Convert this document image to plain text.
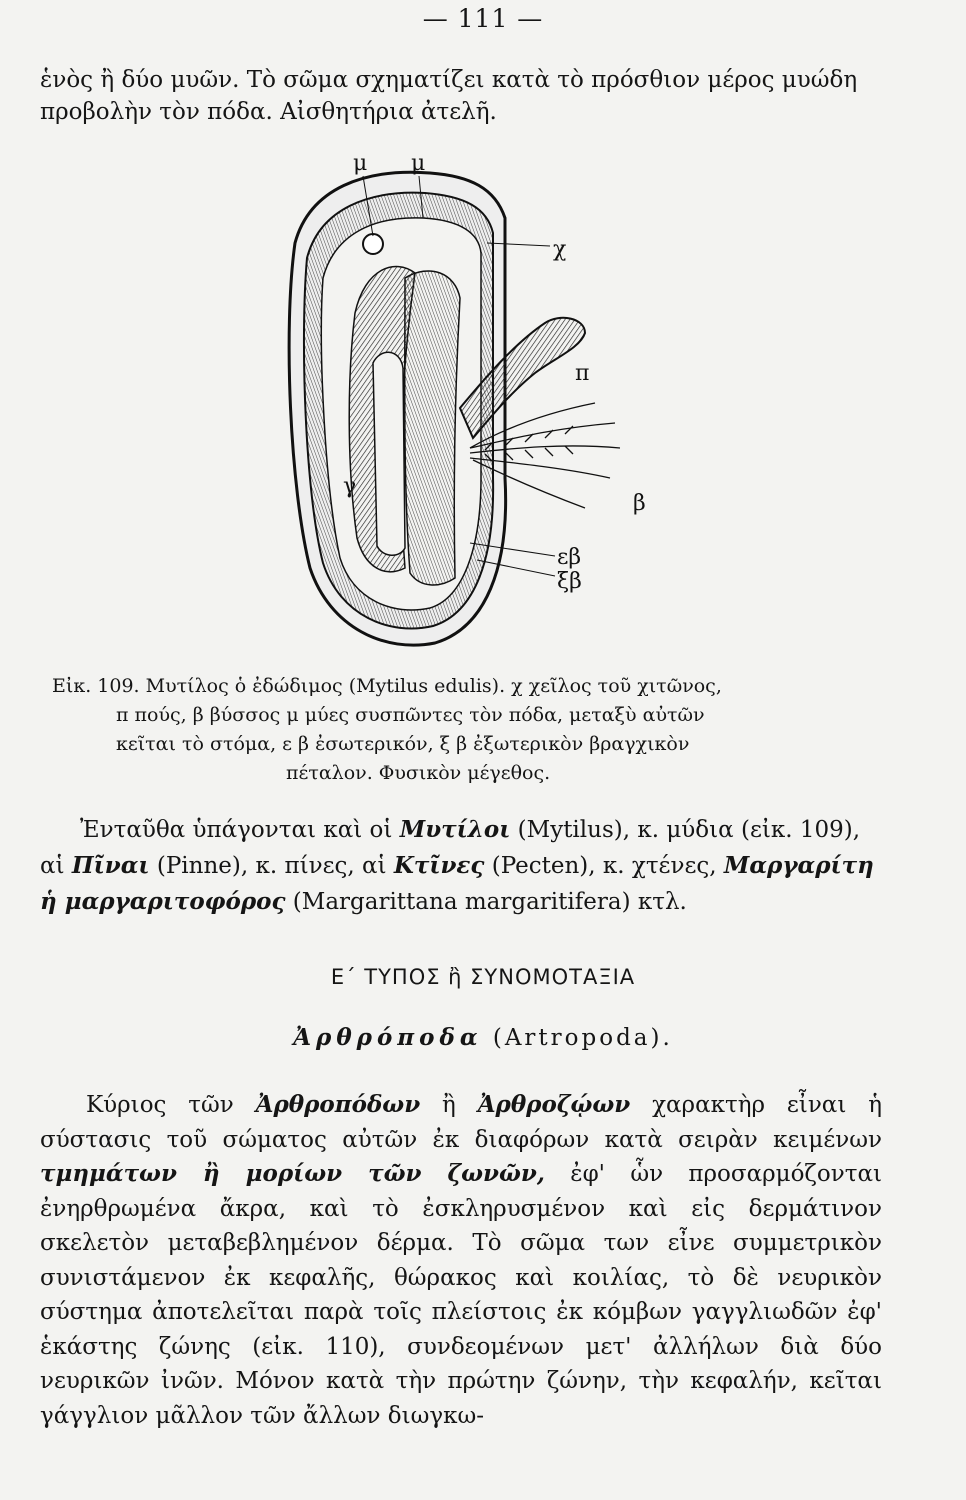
— 111 —

ἑνὸς ἢ δύο μυῶν. Τὸ σῶμα σχηματίζει κατὰ τὸ πρόσθιον μέρος μυώδη προβολὴν τὸν πόδα. Αἰσθητήρια ἀτελῆ.

μ μ
χ
π
β
γ
εβ
ξβ

Εἰκ. 109. Μυτίλος ὁ ἐδώδιμος (Mytilus edulis). χ χεῖλος τοῦ χιτῶνος,
π πούς, β βύσσος μ μύες συσπῶντες τὸν πόδα, μεταξὺ αὐτῶν
κεῖται τὸ στόμα, ε β ἐσωτερικόν, ξ β ἐξωτερικὸν βραγχικὸν
πέταλον. Φυσικὸν μέγεθος.

Ἐνταῦθα ὑπάγονται καὶ οἱ Μυτίλοι (Mytilus), κ. μύδια (εἰκ. 109), αἱ Πῖναι (Pinne), κ. πίνες, αἱ Κτῖνες (Pecten), κ. χτένες, Μαργαρίτη ἡ μαργαριτοφόρος (Margarittana margaritifera) κτλ.

Ε΄ ΤΥΠΟΣ ἢ ΣΥΝΟΜΟΤΑΞΙΑ
Ἀρθρόποδα (Artropoda).

Κύριος τῶν Ἀρθροπόδων ἢ Ἀρθροζῴων χαρακτὴρ εἶναι ἡ σύστασις τοῦ σώματος αὐτῶν ἐκ διαφόρων κατὰ σειρὰν κειμένων τμημάτων ἢ μορίων τῶν ζωνῶν, ἐφ' ὧν προσαρμόζονται ἐνηρθρωμένα ἄκρα, καὶ τὸ ἐσκληρυσμένον καὶ εἰς δερμάτινον σκελετὸν μεταβεβλημένον δέρμα. Τὸ σῶμα των εἶνε συμμετρικὸν συνιστάμενον ἐκ κεφαλῆς, θώρακος καὶ κοιλίας, τὸ δὲ νευρικὸν σύστημα ἀποτελεῖται παρὰ τοῖς πλείστοις ἐκ κόμβων γαγγλιωδῶν ἐφ' ἑκάστης ζώνης (εἰκ. 110), συνδεομένων μετ' ἀλλήλων διὰ δύο νευρικῶν ἰνῶν. Μόνον κατὰ τὴν πρώτην ζώνην, τὴν κεφαλήν, κεῖται γάγγλιον μᾶλλον τῶν ἄλλων διωγκω-
